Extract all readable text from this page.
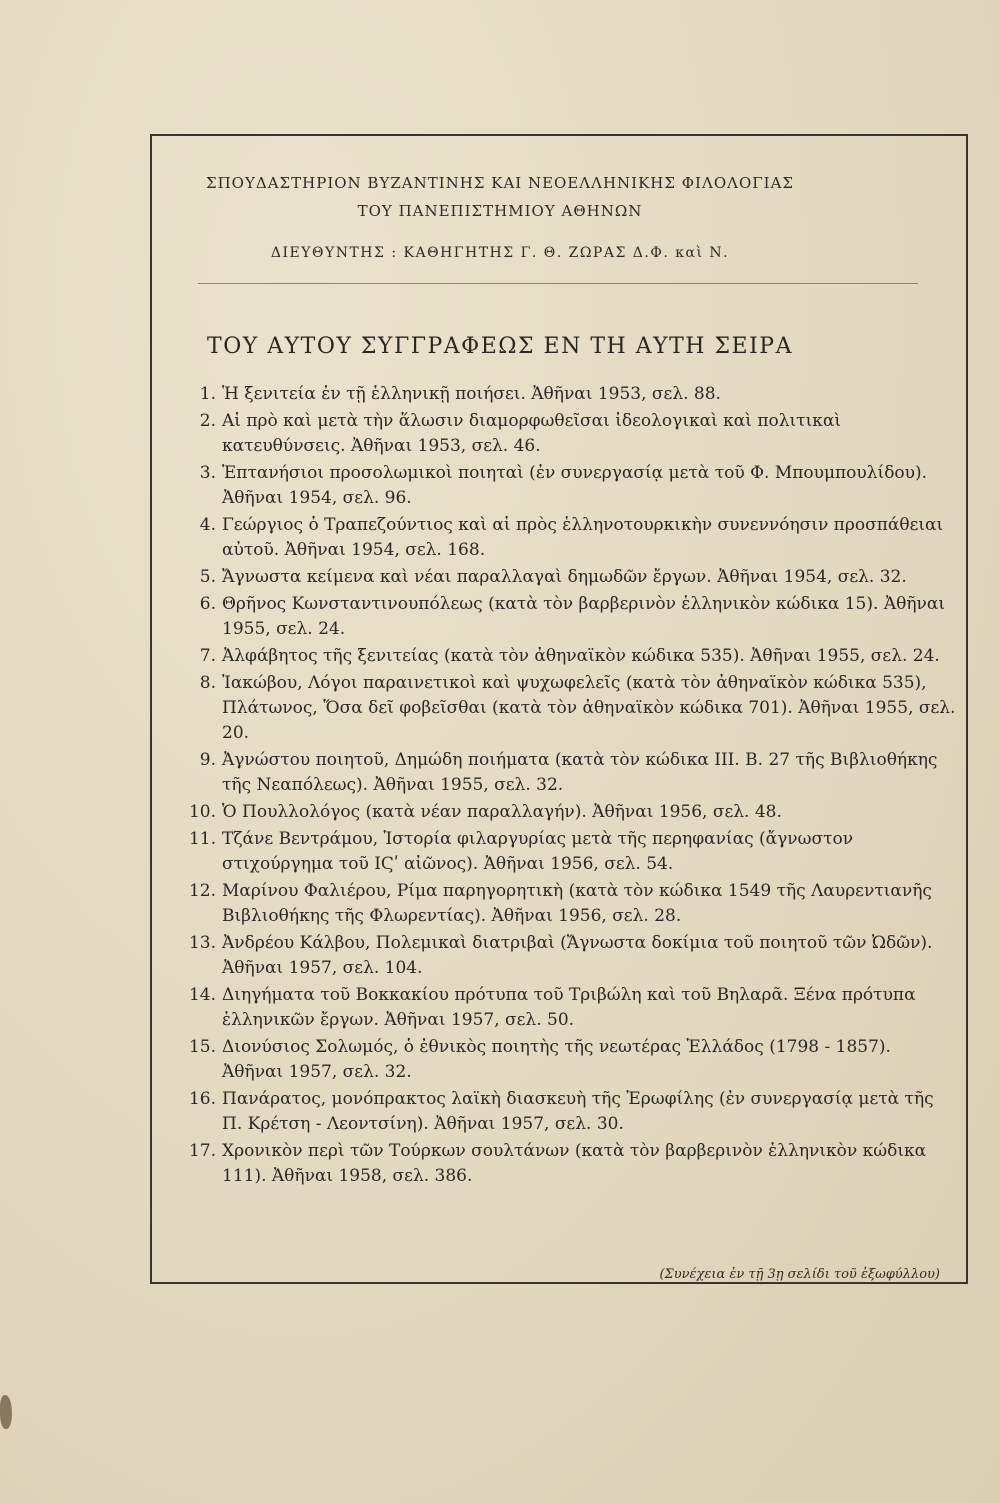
ΣΠΟΥΔΑΣΤΗΡΙΟΝ ΒΥΖΑΝΤΙΝΗΣ ΚΑΙ ΝΕΟΕΛΛΗΝΙΚΗΣ ΦΙΛΟΛΟΓΙΑΣ
ΤΟΥ ΠΑΝΕΠΙΣΤΗΜΙΟΥ ΑΘΗΝΩΝ
ΔΙΕΥΘΥΝΤΗΣ : ΚΑΘΗΓΗΤΗΣ Γ. Θ. ΖΩΡΑΣ Δ.Φ. καὶ Ν.
ΤΟΥ ΑΥΤΟΥ ΣΥΓΓΡΑΦΕΩΣ ΕΝ ΤΗ ΑΥΤΗ ΣΕΙΡΑ
1. Ἡ ξενιτεία ἐν τῇ ἑλληνικῇ ποιήσει. Ἀθῆναι 1953, σελ. 88.
2. Αἱ πρὸ καὶ μετὰ τὴν ἅλωσιν διαμορφωθεῖσαι ἰδεολογικαὶ καὶ πολιτικαὶ κατευθύνσεις. Ἀθῆναι 1953, σελ. 46.
3. Ἑπτανήσιοι προσολωμικοὶ ποιηταὶ (ἐν συνεργασίᾳ μετὰ τοῦ Φ. Μπουμπουλίδου). Ἀθῆναι 1954, σελ. 96.
4. Γεώργιος ὁ Τραπεζούντιος καὶ αἱ πρὸς ἑλληνοτουρκικὴν συνεννόησιν προσπάθειαι αὐτοῦ. Ἀθῆναι 1954, σελ. 168.
5. Ἄγνωστα κείμενα καὶ νέαι παραλλαγαὶ δημωδῶν ἔργων. Ἀθῆναι 1954, σελ. 32.
6. Θρῆνος Κωνσταντινουπόλεως (κατὰ τὸν βαρβερινὸν ἑλληνικὸν κώδικα 15). Ἀθῆναι 1955, σελ. 24.
7. Ἀλφάβητος τῆς ξενιτείας (κατὰ τὸν ἀθηναϊκὸν κώδικα 535). Ἀθῆναι 1955, σελ. 24.
8. Ἰακώβου, Λόγοι παραινετικοὶ καὶ ψυχωφελεῖς (κατὰ τὸν ἀθηναϊκὸν κώδικα 535), Πλάτωνος, Ὅσα δεῖ φοβεῖσθαι (κατὰ τὸν ἀθηναϊκὸν κώδικα 701). Ἀθῆναι 1955, σελ. 20.
9. Ἀγνώστου ποιητοῦ, Δημώδη ποιήματα (κατὰ τὸν κώδικα III. B. 27 τῆς Βιβλιοθήκης τῆς Νεαπόλεως). Ἀθῆναι 1955, σελ. 32.
10. Ὁ Πουλλολόγος (κατὰ νέαν παραλλαγήν). Ἀθῆναι 1956, σελ. 48.
11. Τζάνε Βεντράμου, Ἱστορία φιλαργυρίας μετὰ τῆς περηφανίας (ἄγνωστον στιχούργημα τοῦ ΙϚʹ αἰῶνος). Ἀθῆναι 1956, σελ. 54.
12. Μαρίνου Φαλιέρου, Ρίμα παρηγορητικὴ (κατὰ τὸν κώδικα 1549 τῆς Λαυρεντιανῆς Βιβλιοθήκης τῆς Φλωρεντίας). Ἀθῆναι 1956, σελ. 28.
13. Ἀνδρέου Κάλβου, Πολεμικαὶ διατριβαὶ (Ἄγνωστα δοκίμια τοῦ ποιητοῦ τῶν Ὠδῶν). Ἀθῆναι 1957, σελ. 104.
14. Διηγήματα τοῦ Βοκκακίου πρότυπα τοῦ Τριβώλη καὶ τοῦ Βηλαρᾶ. Ξένα πρότυπα ἑλληνικῶν ἔργων. Ἀθῆναι 1957, σελ. 50.
15. Διονύσιος Σολωμός, ὁ ἐθνικὸς ποιητὴς τῆς νεωτέρας Ἑλλάδος (1798 - 1857). Ἀθῆναι 1957, σελ. 32.
16. Πανάρατος, μονόπρακτος λαϊκὴ διασκευὴ τῆς Ἐρωφίλης (ἐν συνεργασίᾳ μετὰ τῆς Π. Κρέτση - Λεοντσίνη). Ἀθῆναι 1957, σελ. 30.
17. Χρονικὸν περὶ τῶν Τούρκων σουλτάνων (κατὰ τὸν βαρβερινὸν ἑλληνικὸν κώδικα 111). Ἀθῆναι 1958, σελ. 386.
(Συνέχεια ἐν τῇ 3ῃ σελίδι τοῦ ἐξωφύλλου)
